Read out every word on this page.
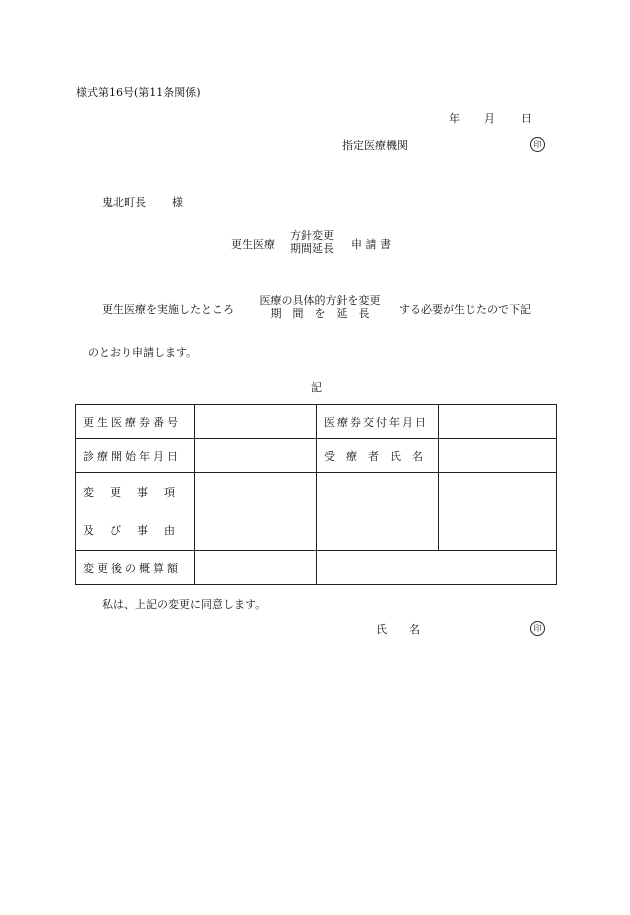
様式第16号(第11条関係)
年 月 日
指定医療機関	印
鬼北町長 様
更生医療
方針変更
期間延長	申 請 書
更生医療を実施したところ
医療の具体的方針を変更
期　間　を　延　長	する必要が生じたので下記
のとおり申請します。
記
更生医療券番号		医療券交付年月日	
診療開始年月日		受　療　者　氏　名	

変更事項
及び事由			

変更後の概算額			
私は、上記の変更に同意します。
氏　　名	印
